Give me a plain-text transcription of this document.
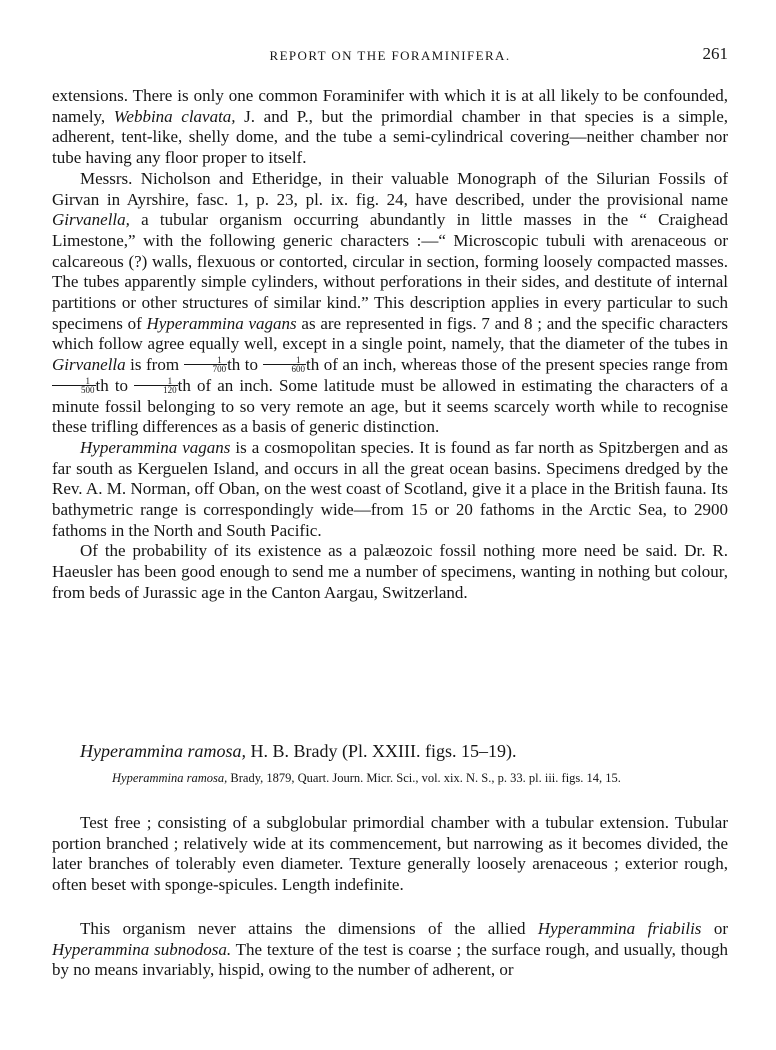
REPORT ON THE FORAMINIFERA.	261

extensions. There is only one common Foraminifer with which it is at all likely to be confounded, namely, Webbina clavata, J. and P., but the primordial chamber in that species is a simple, adherent, tent-like, shelly dome, and the tube a semi-cylindrical covering—neither chamber nor tube having any floor proper to itself.

Messrs. Nicholson and Etheridge, in their valuable Monograph of the Silurian Fossils of Girvan in Ayrshire, fasc. 1, p. 23, pl. ix. fig. 24, have described, under the provisional name Girvanella, a tubular organism occurring abundantly in little masses in the “ Craighead Limestone,” with the following generic characters :—“ Microscopic tubuli with arenaceous or calcareous (?) walls, flexuous or contorted, circular in section, forming loosely compacted masses. The tubes apparently simple cylinders, without perforations in their sides, and destitute of internal partitions or other structures of similar kind.” This description applies in every particular to such specimens of Hyperammina vagans as are represented in figs. 7 and 8 ; and the specific characters which follow agree equally well, except in a single point, namely, that the diameter of the tubes in Girvanella is from $\frac{1}{700}$ th to $\frac{1}{600}$ th of an inch, whereas those of the present species range from
$\frac{1}{500}$ th to $\frac{1}{120}$ th of an inch. Some latitude must be allowed in estimating the characters of a minute fossil belonging to so very remote an age, but it seems scarcely worth while to recognise these trifling differences as a basis of generic distinction.

Hyperammina vagans is a cosmopolitan species. It is found as far north as Spitzbergen and as far south as Kerguelen Island, and occurs in all the great ocean basins. Specimens dredged by the Rev. A. M. Norman, off Oban, on the west coast of Scotland, give it a place in the British fauna. Its bathymetric range is correspondingly wide—from 15 or 20 fathoms in the Arctic Sea, to 2900 fathoms in the North and South Pacific.

Of the probability of its existence as a palæozoic fossil nothing more need be said. Dr. R. Haeusler has been good enough to send me a number of specimens, wanting in nothing but colour, from beds of Jurassic age in the Canton Aargau, Switzerland.

Hyperammina ramosa, H. B. Brady (Pl. XXIII. figs. 15–19).
Hyperammina ramosa, Brady, 1879, Quart. Journ. Micr. Sci., vol. xix. N. S., p. 33. pl. iii. figs. 14, 15.

Test free ; consisting of a subglobular primordial chamber with a tubular extension. Tubular portion branched ; relatively wide at its commencement, but narrowing as it becomes divided, the later branches of tolerably even diameter. Texture generally loosely arenaceous ; exterior rough, often beset with sponge-spicules. Length indefinite.

This organism never attains the dimensions of the allied Hyperammina friabilis or Hyperammina subnodosa. The texture of the test is coarse ; the surface rough, and usually, though by no means invariably, hispid, owing to the number of adherent, or
